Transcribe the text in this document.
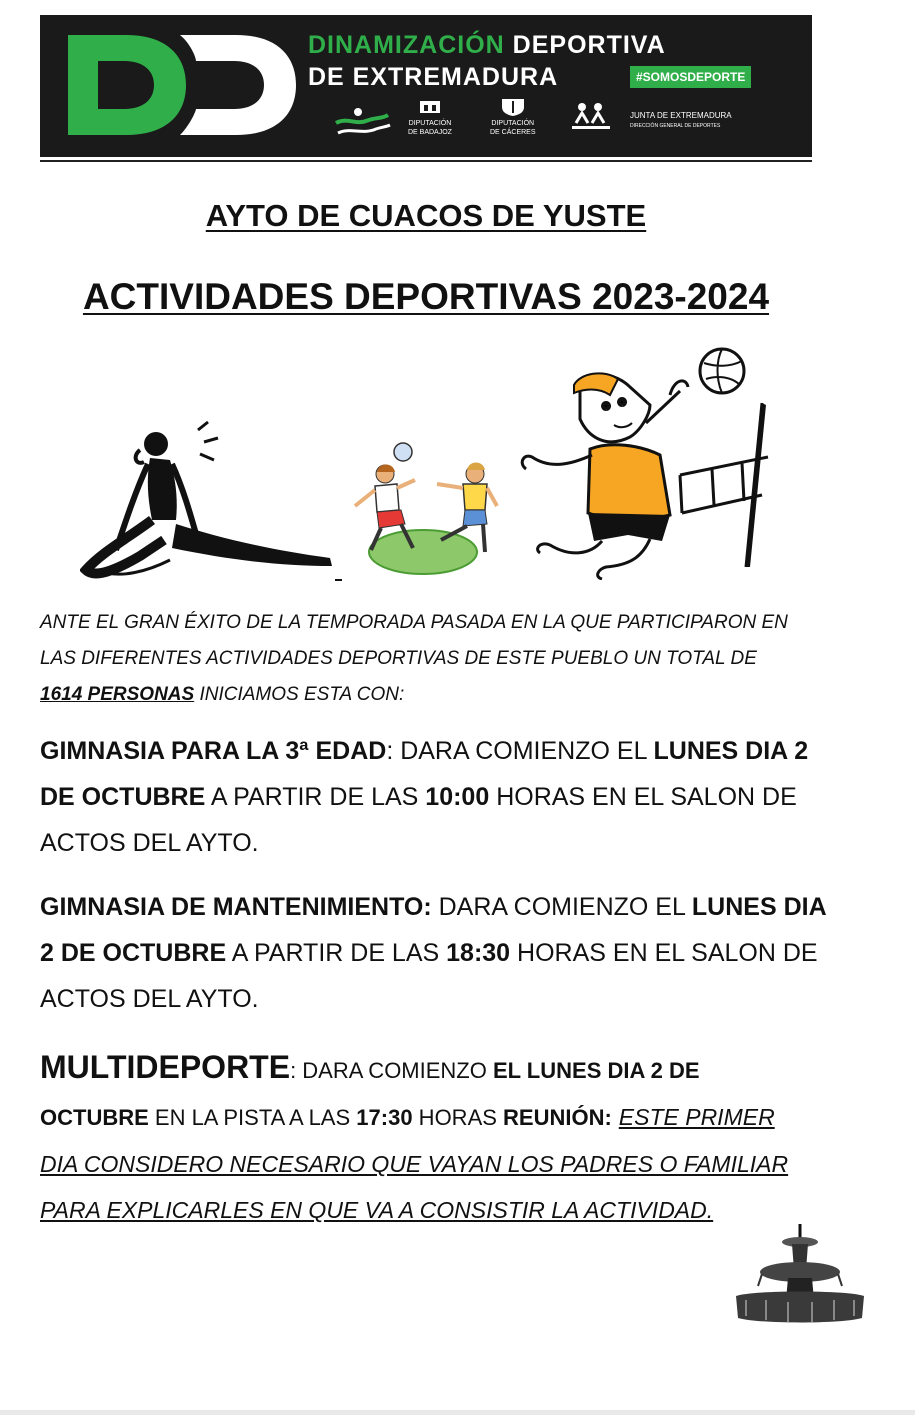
DINAMIZACIÓN DEPORTIVA
DE EXTREMADURA	#SOMOSDEPORTE
DIPUTACIÓN
DE BADAJOZ
DIPUTACIÓN
DE CÁCERES
JUNTA DE EXTREMADURA
DIRECCIÓN GENERAL DE DEPORTES
AYTO DE CUACOS DE YUSTE
ACTIVIDADES DEPORTIVAS 2023-2024
ANTE EL GRAN ÉXITO DE LA TEMPORADA PASADA EN LA QUE PARTICIPARON EN LAS DIFERENTES ACTIVIDADES DEPORTIVAS DE ESTE PUEBLO UN TOTAL DE 1614 PERSONAS INICIAMOS ESTA CON:
GIMNASIA PARA LA 3ª EDAD: DARA COMIENZO EL LUNES DIA 2 DE OCTUBRE A PARTIR DE LAS 10:00 HORAS EN EL SALON DE ACTOS DEL AYTO.
GIMNASIA DE MANTENIMIENTO: DARA COMIENZO EL LUNES DIA 2 DE OCTUBRE A PARTIR DE LAS 18:30 HORAS EN EL SALON DE ACTOS DEL AYTO.
MULTIDEPORTE: DARA COMIENZO EL LUNES DIA 2 DE OCTUBRE EN LA PISTA A LAS 17:30 HORAS REUNIÓN: ESTE PRIMER DIA CONSIDERO NECESARIO QUE VAYAN LOS PADRES O FAMILIAR PARA EXPLICARLES EN QUE VA A CONSISTIR LA ACTIVIDAD.
